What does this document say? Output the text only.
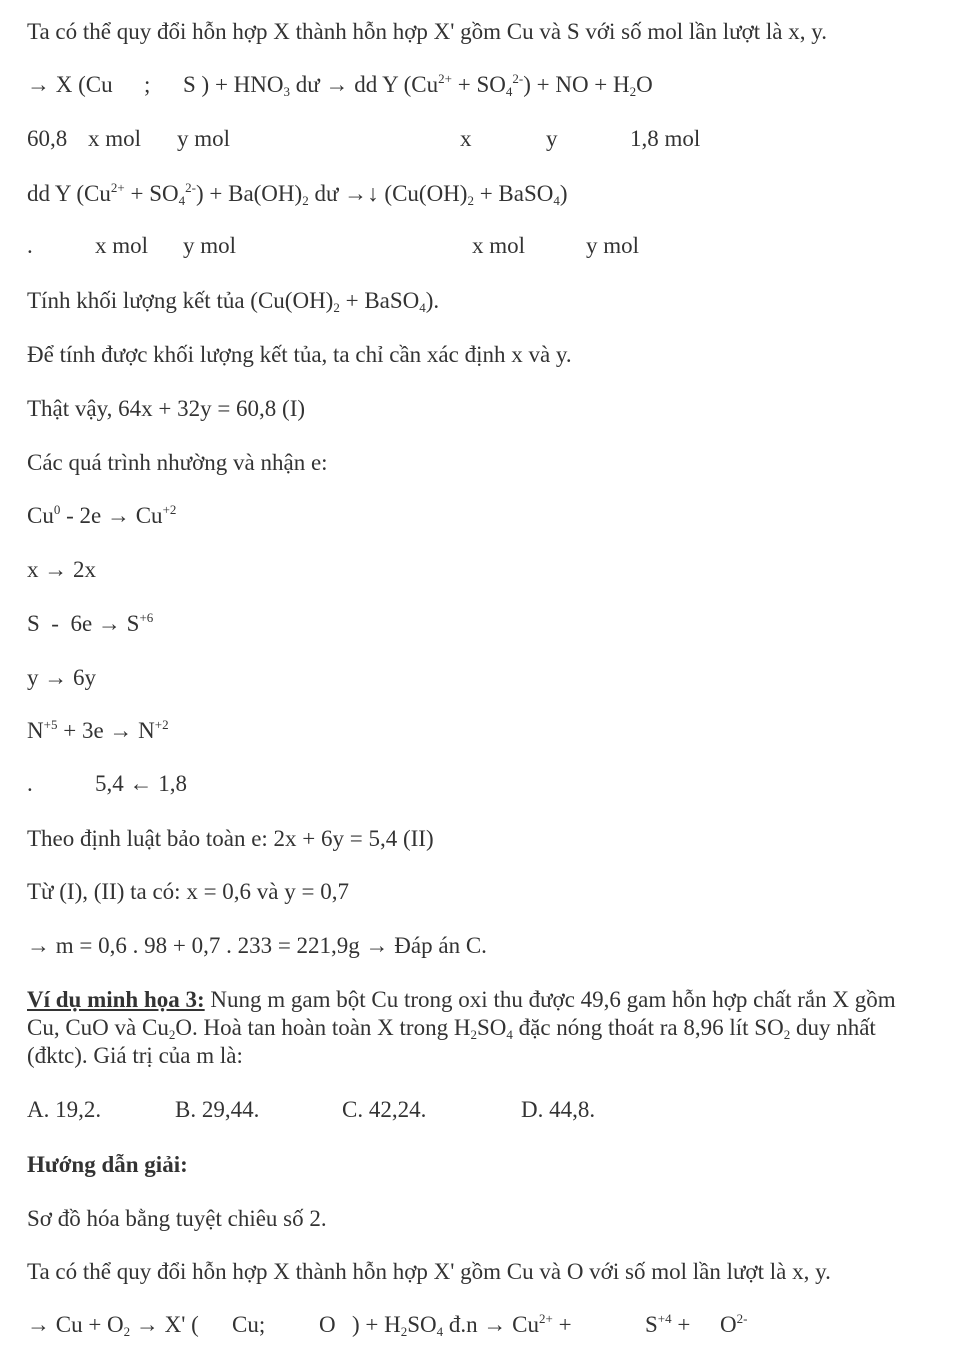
Ta có thể quy đổi hỗn hợp X thành hỗn hợp X' gồm Cu và S với số mol lần lượt là x, y.
→ X (Cu ; S ) + $HNO_3$ dư → dd Y $(Cu^{2+} + SO_4^{2-})$ + NO + $H_2O$
60,8 x mol y mol	x	y	1,8 mol
dd Y $(Cu^{2+} + SO_4^{2-}) + Ba(OH)_2$ dư →↓ ($Cu(OH)_2$ + BaSO$_4$)
.	x mol y mol	x mol	y mol
Tính khối lượng kết tủa ($Cu(OH)_2$ + BaSO$_4$).
Để tính được khối lượng kết tủa, ta chỉ cần xác định x và y.
Thật vậy, 64x + 32y = 60,8 (I)
Các quá trình nhường và nhận e:
$Cu^0 - 2e \to Cu^{+2}$
x → 2x
$S - 6e \to S^{+6}$
y → 6y
$N^{+5} + 3e \to N^{+2}$
.	5,4 ← 1,8
Theo định luật bảo toàn e: 2x + 6y = 5,4 (II)
Từ (I), (II) ta có: x = 0,6 và y = 0,7
→ m = 0,6 . 98 + 0,7 . 233 = 221,9g → Đáp án C.
Ví dụ minh họa 3: Nung m gam bột Cu trong oxi thu được 49,6 gam hỗn hợp chất rắn X gồm Cu, CuO và $Cu_2O$. Hoà tan hoàn toàn X trong $H_2SO_4$ đặc nóng thoát ra 8,96 lít $SO_2$ duy nhất (đktc). Giá trị của m là:
A. 19,2.	B. 29,44.	C. 42,24.	D. 44,8.
Hướng dẫn giải:
Sơ đồ hóa bằng tuyệt chiêu số 2.
Ta có thể quy đổi hỗn hợp X thành hỗn hợp X' gồm Cu và O với số mol lần lượt là x, y.
→ $Cu + O_2 \to X'$ ( Cu; O ) + $H_2SO_4$ đ.n → $Cu^{2+}$ +	$S^{+4} + O^{2-}$
